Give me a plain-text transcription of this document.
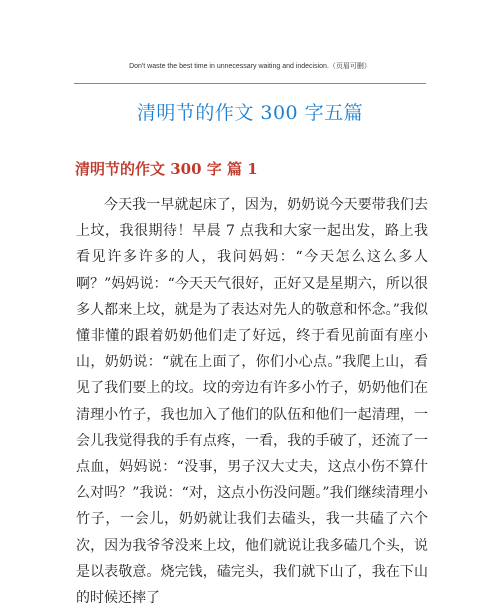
Don't waste the best time in unnecessary waiting and indecision.（页眉可删）
清明节的作文 300 字五篇
清明节的作文 300 字 篇 1

今天我一早就起床了，因为，奶奶说今天要带我们去上坟，我很期待！早晨 7 点我和大家一起出发，路上我看见许多许多的人，我问妈妈：“今天怎么这么多人啊？”妈妈说：“今天天气很好，正好又是星期六，所以很多人都来上坟，就是为了表达对先人的敬意和怀念。”我似懂非懂的跟着奶奶他们走了好远，终于看见前面有座小山，奶奶说：“就在上面了，你们小心点。”我爬上山，看见了我们要上的坟。坟的旁边有许多小竹子，奶奶他们在清理小竹子，我也加入了他们的队伍和他们一起清理，一会儿我觉得我的手有点疼，一看，我的手破了，还流了一点血，妈妈说：“没事，男子汉大丈夫，这点小伤不算什么对吗？”我说：“对，这点小伤没问题。”我们继续清理小竹子，一会儿，奶奶就让我们去磕头，我一共磕了六个次，因为我爷爷没来上坟，他们就说让我多磕几个头，说是以表敬意。烧完钱，磕完头，我们就下山了，我在下山的时候还摔了
